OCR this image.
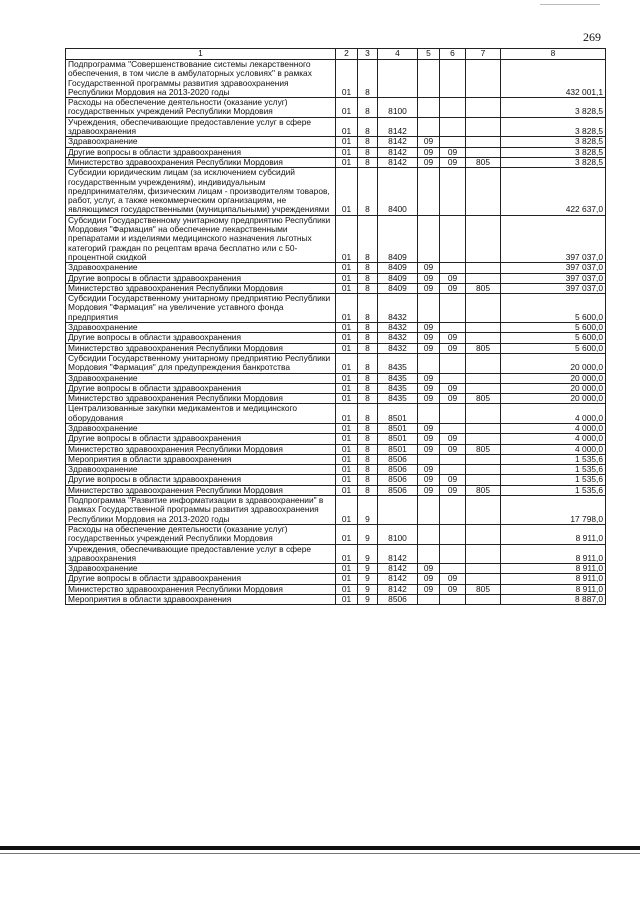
269
1	2	3	4	5	6	7	8
Подпрограмма "Совершенствование системы лекарственного обеспечения, в том числе в амбулаторных условиях" в рамках Государственной программы развития здравоохранения Республики Мордовия на 2013-2020 годы	01	8					432 001,1
Расходы на обеспечение деятельности (оказание услуг) государственных учреждений Республики Мордовия	01	8	8100				3 828,5
Учреждения, обеспечивающие предоставление услуг в сфере здравоохранения	01	8	8142				3 828,5
Здравоохранение	01	8	8142	09			3 828,5
Другие вопросы в области здравоохранения	01	8	8142	09	09		3 828,5
Министерство здравоохранения Республики Мордовия	01	8	8142	09	09	805	3 828,5
Субсидии юридическим лицам (за исключением субсидий государственным учреждениям), индивидуальным предпринимателям, физическим лицам - производителям товаров, работ, услуг, а также некоммерческим организациям, не являющимся государственными (муниципальными) учреждениями	01	8	8400				422 637,0
Субсидии Государственному унитарному предприятию Республики Мордовия "Фармация" на обеспечение лекарственными препаратами и изделиями медицинского назначения льготных категорий граждан по рецептам врача бесплатно или с 50-процентной скидкой	01	8	8409				397 037,0
Здравоохранение	01	8	8409	09			397 037,0
Другие вопросы в области здравоохранения	01	8	8409	09	09		397 037,0
Министерство здравоохранения Республики Мордовия	01	8	8409	09	09	805	397 037,0
Субсидии Государственному унитарному предприятию Республики Мордовия "Фармация" на увеличение уставного фонда предприятия	01	8	8432				5 600,0
Здравоохранение	01	8	8432	09			5 600,0
Другие вопросы в области здравоохранения	01	8	8432	09	09		5 600,0
Министерство здравоохранения Республики Мордовия	01	8	8432	09	09	805	5 600,0
Субсидии Государственному унитарному предприятию Республики Мордовия "Фармация" для предупреждения банкротства	01	8	8435				20 000,0
Здравоохранение	01	8	8435	09			20 000,0
Другие вопросы в области здравоохранения	01	8	8435	09	09		20 000,0
Министерство здравоохранения Республики Мордовия	01	8	8435	09	09	805	20 000,0
Централизованные закупки медикаментов и медицинского оборудования	01	8	8501				4 000,0
Здравоохранение	01	8	8501	09			4 000,0
Другие вопросы в области здравоохранения	01	8	8501	09	09		4 000,0
Министерство здравоохранения Республики Мордовия	01	8	8501	09	09	805	4 000,0
Мероприятия в области здравоохранения	01	8	8506				1 535,6
Здравоохранение	01	8	8506	09			1 535,6
Другие вопросы в области здравоохранения	01	8	8506	09	09		1 535,6
Министерство здравоохранения Республики Мордовия	01	8	8506	09	09	805	1 535,6
Подпрограмма "Развитие информатизации в здравоохранении" в рамках Государственной программы развития здравоохранения Республики Мордовия на 2013-2020 годы	01	9					17 798,0
Расходы на обеспечение деятельности (оказание услуг) государственных учреждений Республики Мордовия	01	9	8100				8 911,0
Учреждения, обеспечивающие предоставление услуг в сфере здравоохранения	01	9	8142				8 911,0
Здравоохранение	01	9	8142	09			8 911,0
Другие вопросы в области здравоохранения	01	9	8142	09	09		8 911,0
Министерство здравоохранения Республики Мордовия	01	9	8142	09	09	805	8 911,0
Мероприятия в области здравоохранения	01	9	8506				8 887,0
